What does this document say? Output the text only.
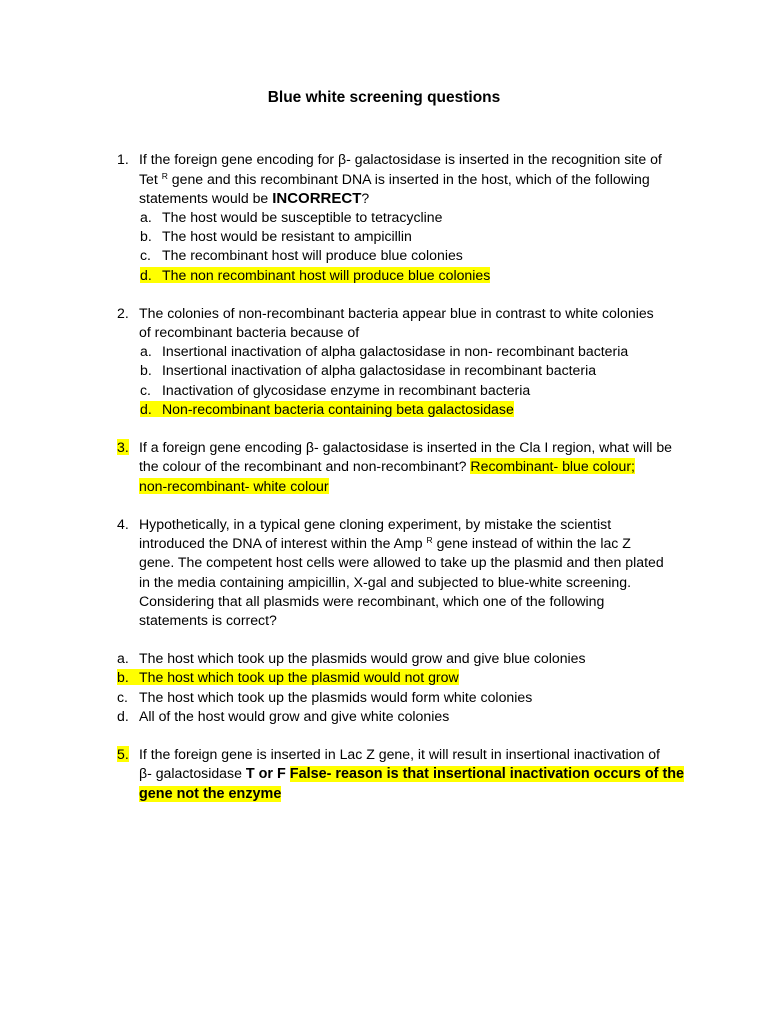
Blue white screening questions
1. If the foreign gene encoding for β- galactosidase is inserted in the recognition site of
Tet $^R$ gene and this recombinant DNA is inserted in the host, which of the following
statements would be INCORRECT?
a. The host would be susceptible to tetracycline
b. The host would be resistant to ampicillin
c. The recombinant host will produce blue colonies
d. The non recombinant host will produce blue colonies
2. The colonies of non-recombinant bacteria appear blue in contrast to white colonies
of recombinant bacteria because of
a. Insertional inactivation of alpha galactosidase in non- recombinant bacteria
b. Insertional inactivation of alpha galactosidase in recombinant bacteria
c. Inactivation of glycosidase enzyme in recombinant bacteria
d. Non-recombinant bacteria containing beta galactosidase
3. If a foreign gene encoding β- galactosidase is inserted in the Cla I region, what will be
the colour of the recombinant and non-recombinant? Recombinant- blue colour;
non-recombinant- white colour
4. Hypothetically, in a typical gene cloning experiment, by mistake the scientist
introduced the DNA of interest within the Amp $^R$ gene instead of within the lac Z
gene. The competent host cells were allowed to take up the plasmid and then plated
in the media containing ampicillin, X-gal and subjected to blue-white screening.
Considering that all plasmids were recombinant, which one of the following
statements is correct?
a. The host which took up the plasmids would grow and give blue colonies
b. The host which took up the plasmid would not grow
c. The host which took up the plasmids would form white colonies
d. All of the host would grow and give white colonies
5. If the foreign gene is inserted in Lac Z gene, it will result in insertional inactivation of
β- galactosidase T or F False- reason is that insertional inactivation occurs of the
gene not the enzyme
